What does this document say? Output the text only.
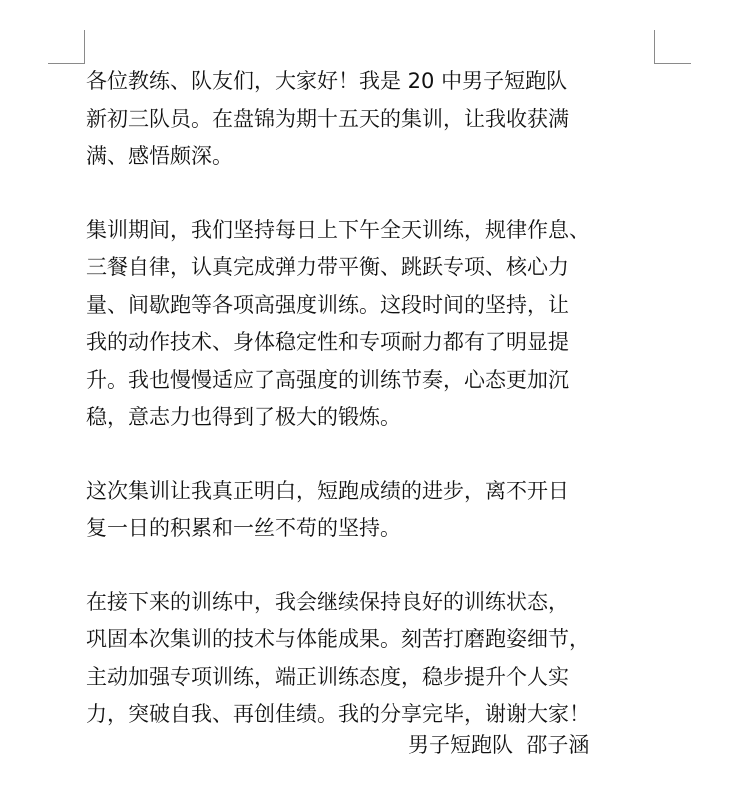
各位教练、队友们，大家好！我是 20 中男子短跑队
新初三队员。在盘锦为期十五天的集训，让我收获满
满、感悟颇深。

集训期间，我们坚持每日上下午全天训练，规律作息、
三餐自律，认真完成弹力带平衡、跳跃专项、核心力
量、间歇跑等各项高强度训练。这段时间的坚持，让
我的动作技术、身体稳定性和专项耐力都有了明显提
升。我也慢慢适应了高强度的训练节奏，心态更加沉
稳，意志力也得到了极大的锻炼。

这次集训让我真正明白，短跑成绩的进步，离不开日
复一日的积累和一丝不苟的坚持。

在接下来的训练中，我会继续保持良好的训练状态，
巩固本次集训的技术与体能成果。刻苦打磨跑姿细节，
主动加强专项训练，端正训练态度，稳步提升个人实
力，突破自我、再创佳绩。我的分享完毕，谢谢大家！

男子短跑队  邵子涵
